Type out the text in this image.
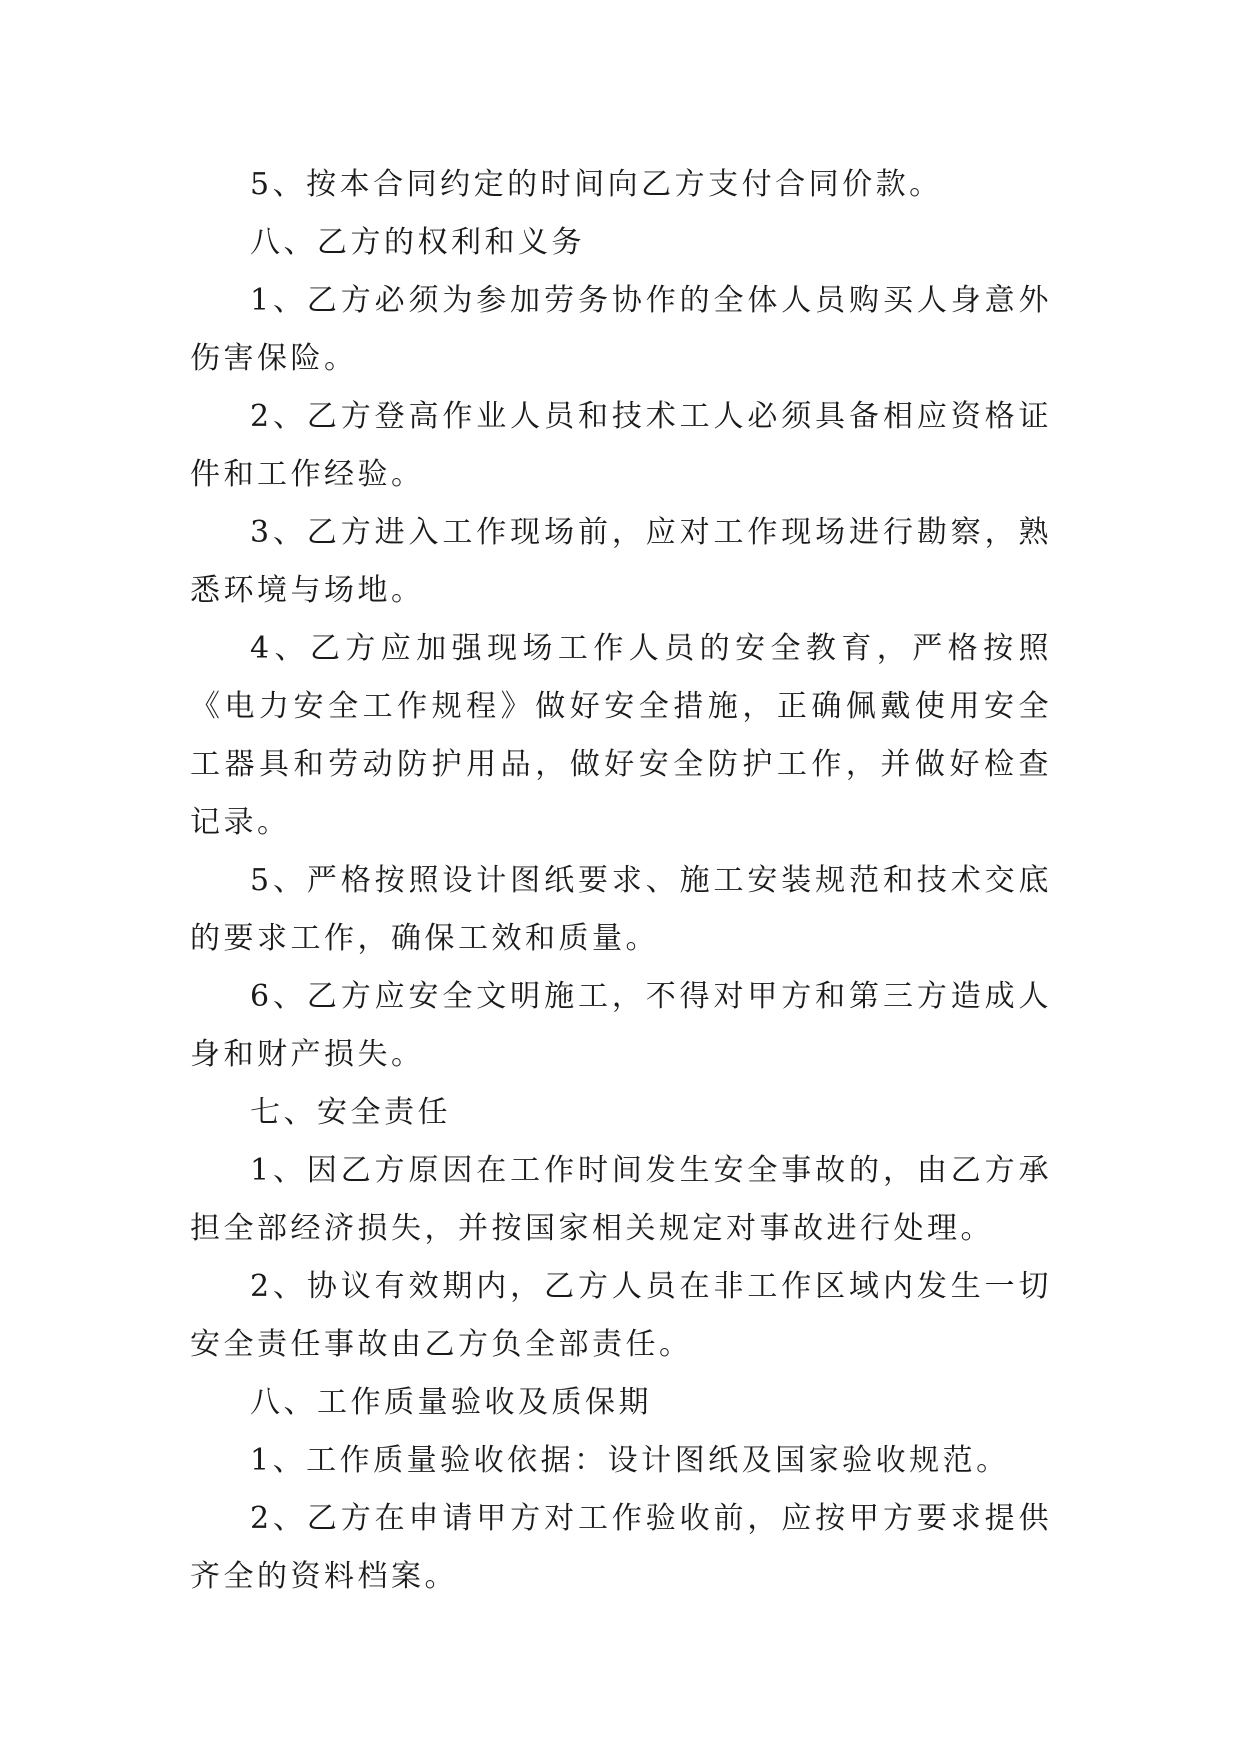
5、按本合同约定的时间向乙方支付合同价款。

八、乙方的权利和义务

1、乙方必须为参加劳务协作的全体人员购买人身意外伤害保险。

2、乙方登高作业人员和技术工人必须具备相应资格证件和工作经验。

3、乙方进入工作现场前，应对工作现场进行勘察，熟悉环境与场地。

4、乙方应加强现场工作人员的安全教育，严格按照《电力安全工作规程》做好安全措施，正确佩戴使用安全工器具和劳动防护用品，做好安全防护工作，并做好检查记录。

5、严格按照设计图纸要求、施工安装规范和技术交底的要求工作，确保工效和质量。

6、乙方应安全文明施工，不得对甲方和第三方造成人身和财产损失。

七、安全责任

1、因乙方原因在工作时间发生安全事故的，由乙方承担全部经济损失，并按国家相关规定对事故进行处理。

2、协议有效期内，乙方人员在非工作区域内发生一切安全责任事故由乙方负全部责任。

八、工作质量验收及质保期

1、工作质量验收依据：设计图纸及国家验收规范。

2、乙方在申请甲方对工作验收前，应按甲方要求提供齐全的资料档案。
